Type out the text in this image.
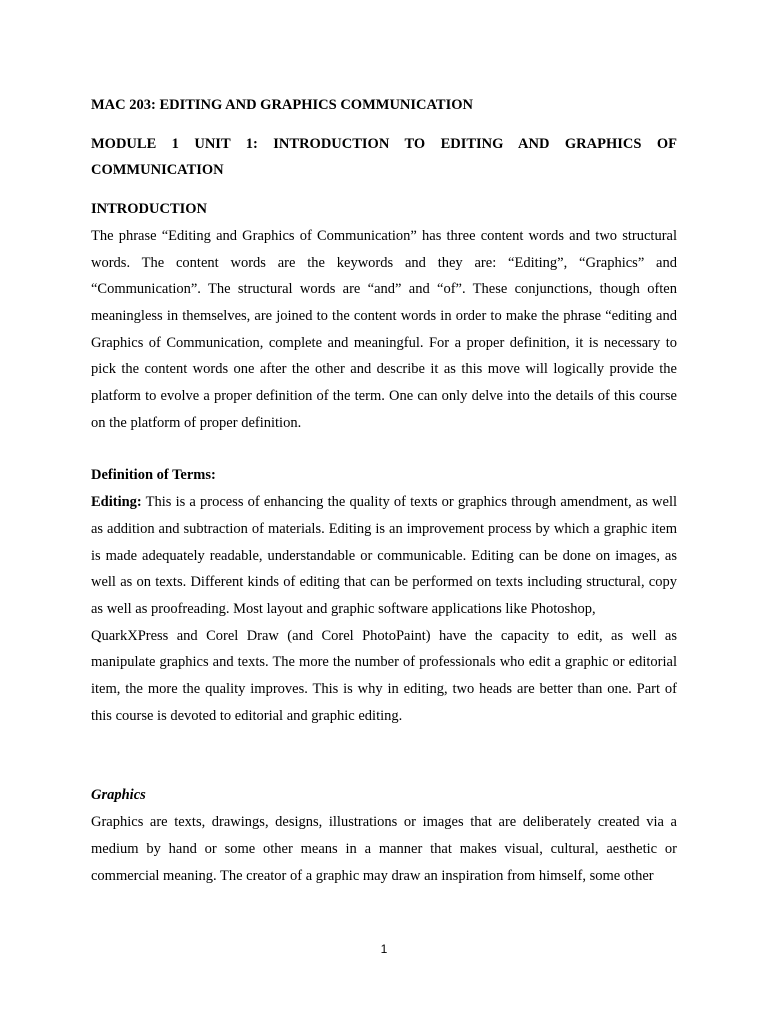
MAC 203: EDITING AND GRAPHICS COMMUNICATION
MODULE 1 UNIT 1: INTRODUCTION TO EDITING AND GRAPHICS OF COMMUNICATION
INTRODUCTION

The phrase “Editing and Graphics of Communication” has three content words and two structural words. The content words are the keywords and they are: “Editing”, “Graphics” and “Communication”. The structural words are “and” and “of”. These conjunctions, though often meaningless in themselves, are joined to the content words in order to make the phrase “editing and Graphics of Communication, complete and meaningful. For a proper definition, it is necessary to pick the content words one after the other and describe it as this move will logically provide the platform to evolve a proper definition of the term. One can only delve into the details of this course on the platform of proper definition.

Definition of Terms:

Editing: This is a process of enhancing the quality of texts or graphics through amendment, as well as addition and subtraction of materials. Editing is an improvement process by which a graphic item is made adequately readable, understandable or communicable. Editing can be done on images, as well as on texts. Different kinds of editing that can be performed on texts including structural, copy as well as proofreading. Most layout and graphic software applications like Photoshop,

QuarkXPress and Corel Draw (and Corel PhotoPaint) have the capacity to edit, as well as manipulate graphics and texts. The more the number of professionals who edit a graphic or editorial item, the more the quality improves. This is why in editing, two heads are better than one. Part of this course is devoted to editorial and graphic editing.

Graphics

Graphics are texts, drawings, designs, illustrations or images that are deliberately created via a medium by hand or some other means in a manner that makes visual, cultural, aesthetic or commercial meaning. The creator of a graphic may draw an inspiration from himself, some other

1
